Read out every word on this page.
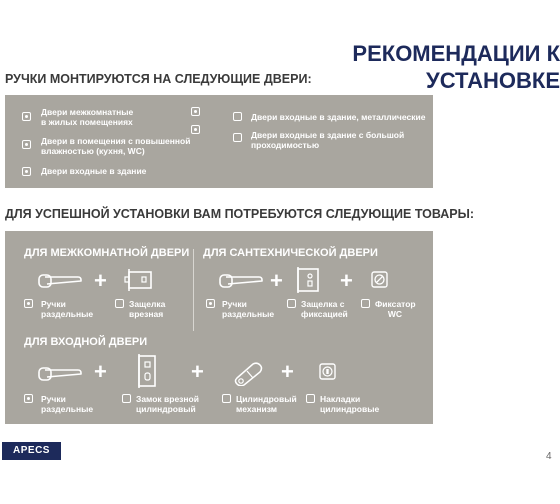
РЕКОМЕНДАЦИИ К
УСТАНОВКЕ
РУЧКИ МОНТИРУЮТСЯ НА СЛЕДУЮЩИЕ ДВЕРИ:
Двери межкомнатные
в жилых помещениях
Двери в помещения с повышенной
влажностью (кухня, WC)
Двери входные в здание
Двери входные в здание, металлические
Двери входные в здание с большой
проходимостью
ДЛЯ УСПЕШНОЙ УСТАНОВКИ ВАМ ПОТРЕБУЮТСЯ СЛЕДУЮЩИЕ ТОВАРЫ:
ДЛЯ МЕЖКОМНАТНОЙ ДВЕРИ
+
Ручки
раздельные
Защелка
врезная
ДЛЯ САНТЕХНИЧЕСКОЙ ДВЕРИ
+	+
Ручки
раздельные
Защелка с
фиксацией
Фиксатор
WC
ДЛЯ ВХОДНОЙ ДВЕРИ
+	+	+
Ручки
раздельные
Замок врезной
цилиндровый
Цилиндровый
механизм
Накладки
цилиндровые
APECS
4
